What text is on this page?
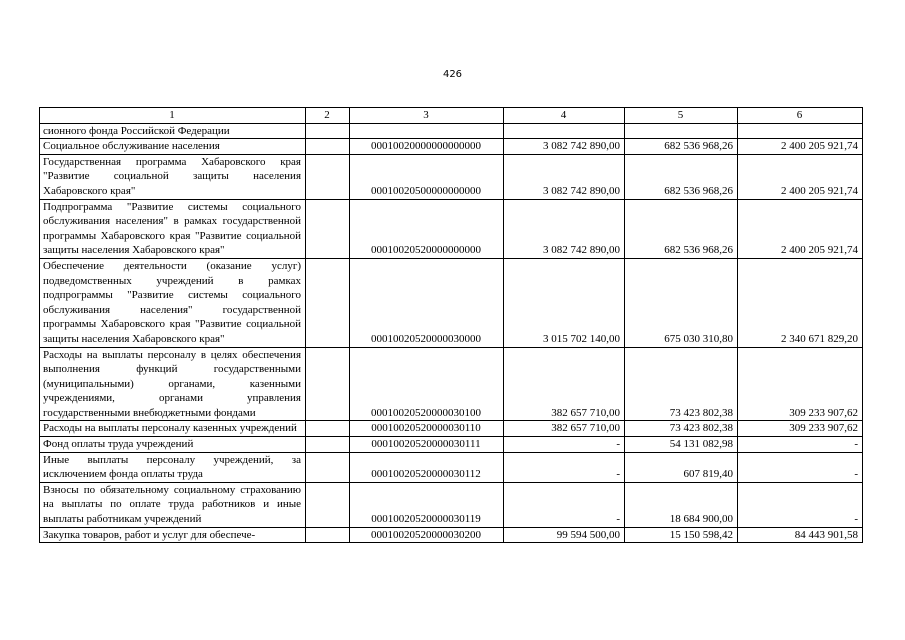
426
1	2	3	4	5	6
сионного фонда Российской Федерации					
Социальное обслуживание населения		00010020000000000000	3 082 742 890,00	682 536 968,26	2 400 205 921,74
Государственная программа Хабаровского края "Развитие социальной защиты населения Хабаровского края"		00010020500000000000	3 082 742 890,00	682 536 968,26	2 400 205 921,74
Подпрограмма "Развитие системы социального обслуживания населения" в рамках государственной программы Хабаровского края "Развитие социальной защиты населения Хабаровского края"		00010020520000000000	3 082 742 890,00	682 536 968,26	2 400 205 921,74
Обеспечение деятельности (оказание услуг) подведомственных учреждений в рамках подпрограммы "Развитие системы социального обслуживания населения" государственной программы Хабаровского края "Развитие социальной защиты населения Хабаровского края"		00010020520000030000	3 015 702 140,00	675 030 310,80	2 340 671 829,20
Расходы на выплаты персоналу в целях обеспечения выполнения функций государственными (муниципальными) органами, казенными учреждениями, органами управления государственными внебюджетными фондами		00010020520000030100	382 657 710,00	73 423 802,38	309 233 907,62
Расходы на выплаты персоналу казенных учреждений		00010020520000030110	382 657 710,00	73 423 802,38	309 233 907,62
Фонд оплаты труда учреждений		00010020520000030111	-	54 131 082,98	-
Иные выплаты персоналу учреждений, за исключением фонда оплаты труда		00010020520000030112	-	607 819,40	-
Взносы по обязательному социальному страхованию на выплаты по оплате труда работников и иные выплаты работникам учреждений		00010020520000030119	-	18 684 900,00	-
Закупка товаров, работ и услуг для обеспече-		00010020520000030200	99 594 500,00	15 150 598,42	84 443 901,58
